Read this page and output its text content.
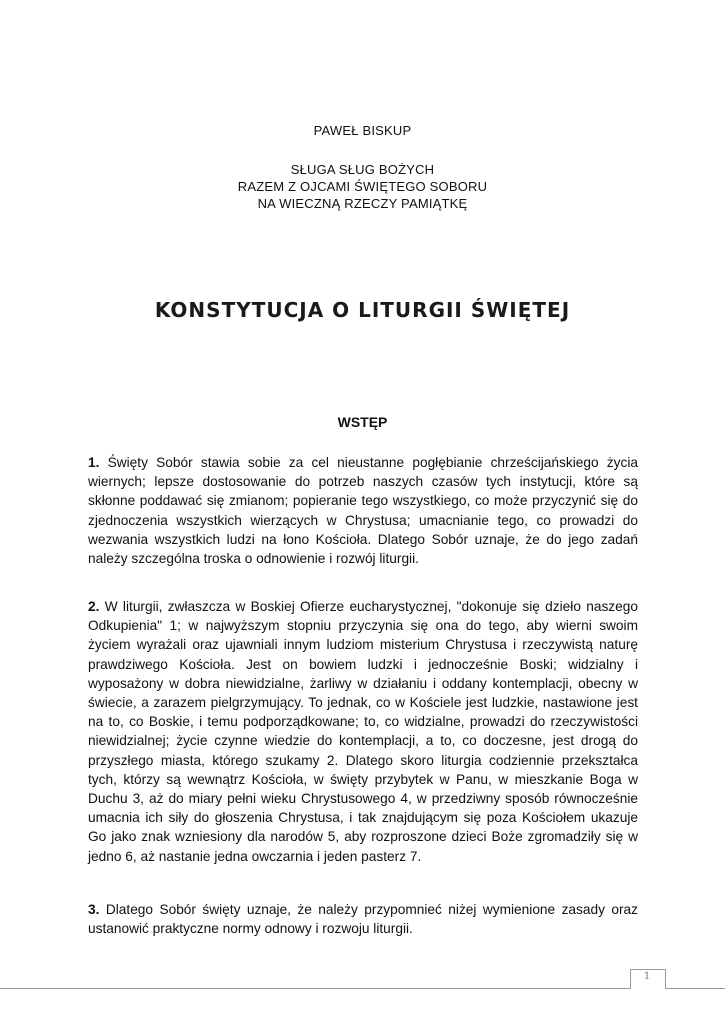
PAWEŁ BISKUP
SŁUGA SŁUG BOŻYCH
RAZEM Z OJCAMI ŚWIĘTEGO SOBORU
NA WIECZNĄ RZECZY PAMIĄTKĘ
KONSTYTUCJA O LITURGII ŚWIĘTEJ
WSTĘP

1. Święty Sobór stawia sobie za cel nieustanne pogłębianie chrześcijańskiego życia wiernych; lepsze dostosowanie do potrzeb naszych czasów tych instytucji, które są skłonne poddawać się zmianom; popieranie tego wszystkiego, co może przyczynić się do zjednoczenia wszystkich wierzących w Chrystusa; umacnianie tego, co prowadzi do wezwania wszystkich ludzi na łono Kościoła. Dlatego Sobór uznaje, że do jego zadań należy szczególna troska o odnowienie i rozwój liturgii.

2. W liturgii, zwłaszcza w Boskiej Ofierze eucharystycznej, "dokonuje się dzieło naszego Odkupienia" 1; w najwyższym stopniu przyczynia się ona do tego, aby wierni swoim życiem wyrażali oraz ujawniali innym ludziom misterium Chrystusa i rzeczywistą naturę prawdziwego Kościoła. Jest on bowiem ludzki i jednocześnie Boski; widzialny i wyposażony w dobra niewidzialne, żarliwy w działaniu i oddany kontemplacji, obecny w świecie, a zarazem pielgrzymujący. To jednak, co w Kościele jest ludzkie, nastawione jest na to, co Boskie, i temu podporządkowane; to, co widzialne, prowadzi do rzeczywistości niewidzialnej; życie czynne wiedzie do kontemplacji, a to, co doczesne, jest drogą do przyszłego miasta, którego szukamy 2. Dlatego skoro liturgia codziennie przekształca tych, którzy są wewnątrz Kościoła, w święty przybytek w Panu, w mieszkanie Boga w Duchu 3, aż do miary pełni wieku Chrystusowego 4, w przedziwny sposób równocześnie umacnia ich siły do głoszenia Chrystusa, i tak znajdującym się poza Kościołem ukazuje Go jako znak wzniesiony dla narodów 5, aby rozproszone dzieci Boże zgromadziły się w jedno 6, aż nastanie jedna owczarnia i jeden pasterz 7.

3. Dlatego Sobór święty uznaje, że należy przypomnieć niżej wymienione zasady oraz ustanowić praktyczne normy odnowy i rozwoju liturgii.

1
